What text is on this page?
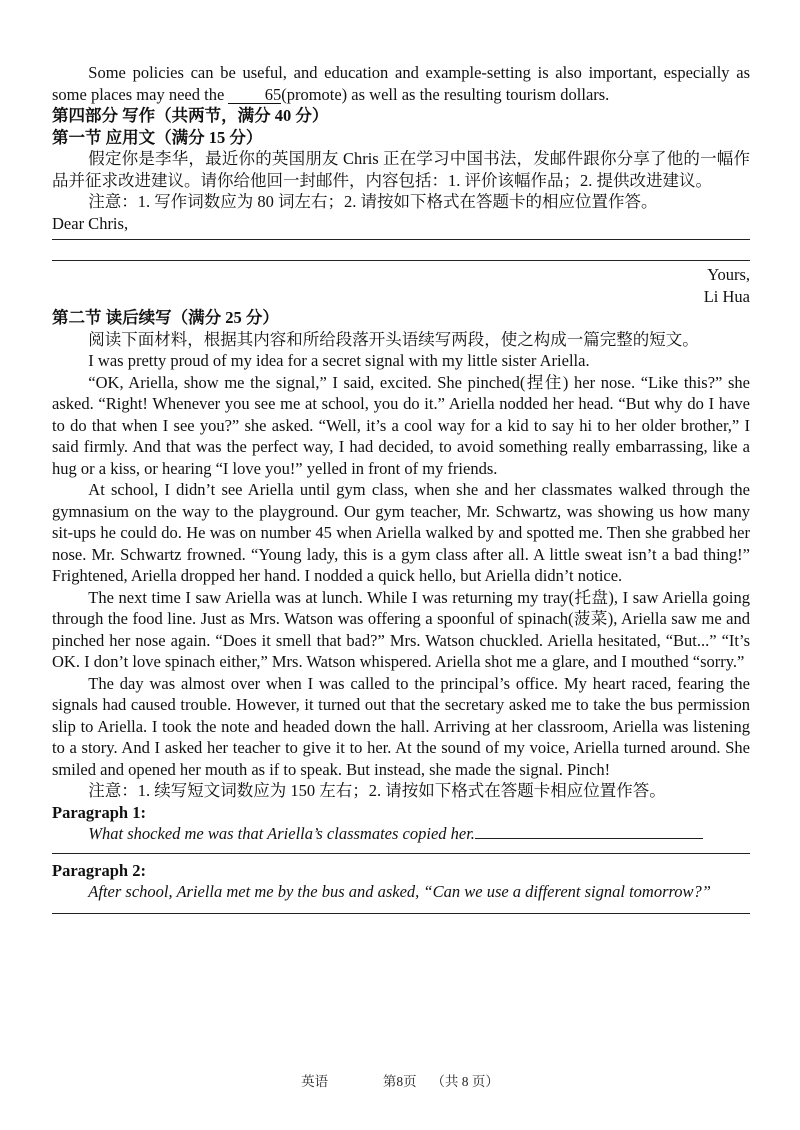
Some policies can be useful, and education and example-setting is also important, especially as some places may need the 65(promote) as well as the resulting tourism dollars.

第四部分 写作（共两节，满分 40 分）

第一节 应用文（满分 15 分）

假定你是李华，最近你的英国朋友 Chris 正在学习中国书法，发邮件跟你分享了他的一幅作品并征求改进建议。请你给他回一封邮件，内容包括：1. 评价该幅作品；2. 提供改进建议。

注意：1. 写作词数应为 80 词左右；2. 请按如下格式在答题卡的相应位置作答。

Dear Chris,

Yours,

Li Hua

第二节 读后续写（满分 25 分）

阅读下面材料，根据其内容和所给段落开头语续写两段，使之构成一篇完整的短文。

I was pretty proud of my idea for a secret signal with my little sister Ariella.

“OK, Ariella, show me the signal,” I said, excited. She pinched(捏住) her nose. “Like this?” she asked. “Right! Whenever you see me at school, you do it.” Ariella nodded her head. “But why do I have to do that when I see you?” she asked. “Well, it’s a cool way for a kid to say hi to her older brother,” I said firmly. And that was the perfect way, I had decided, to avoid something really embarrassing, like a hug or a kiss, or hearing “I love you!” yelled in front of my friends.

At school, I didn’t see Ariella until gym class, when she and her classmates walked through the gymnasium on the way to the playground. Our gym teacher, Mr. Schwartz, was showing us how many sit-ups he could do. He was on number 45 when Ariella walked by and spotted me. Then she grabbed her nose. Mr. Schwartz frowned. “Young lady, this is a gym class after all. A little sweat isn’t a bad thing!” Frightened, Ariella dropped her hand. I nodded a quick hello, but Ariella didn’t notice.

The next time I saw Ariella was at lunch. While I was returning my tray(托盘), I saw Ariella going through the food line. Just as Mrs. Watson was offering a spoonful of spinach(菠菜), Ariella saw me and pinched her nose again. “Does it smell that bad?” Mrs. Watson chuckled. Ariella hesitated, “But...” “It’s OK. I don’t love spinach either,” Mrs. Watson whispered. Ariella shot me a glare, and I mouthed “sorry.”

The day was almost over when I was called to the principal’s office. My heart raced, fearing the signals had caused trouble. However, it turned out that the secretary asked me to take the bus permission slip to Ariella. I took the note and headed down the hall. Arriving at her classroom, Ariella was listening to a story. And I asked her teacher to give it to her. At the sound of my voice, Ariella turned around. She smiled and opened her mouth as if to speak. But instead, she made the signal. Pinch!

注意：1. 续写短文词数应为 150 左右；2. 请按如下格式在答题卡相应位置作答。

Paragraph 1:

What shocked me was that Ariella’s classmates copied her.

Paragraph 2:

After school, Ariella met me by the bus and asked, “Can we use a different signal tomorrow?”

英语	第8页 （共 8 页）
